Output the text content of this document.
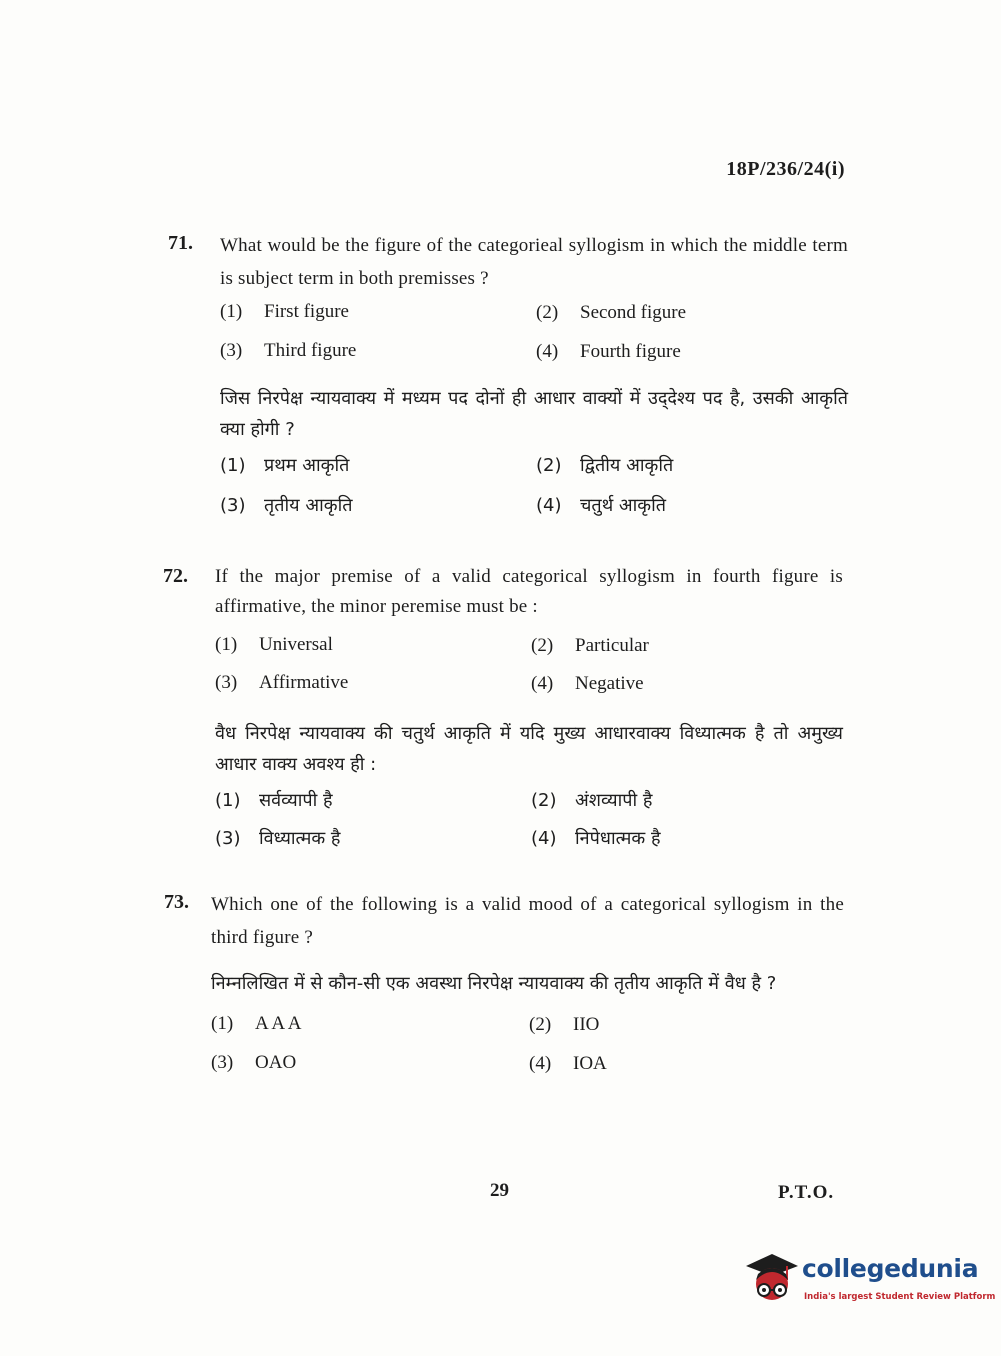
18P/236/24(i)
71. What would be the figure of the categorieal syllogism in which the middle term is subject term in both premisses ?
(1) First figure	(2) Second figure
(3) Third figure	(4) Fourth figure
जिस निरपेक्ष न्यायवाक्य में मध्यम पद दोनों ही आधार वाक्यों में उद्‌देश्य पद है, उसकी आकृति क्या होगी ?
(1) प्रथम आकृति	(2) द्वितीय आकृति
(3) तृतीय आकृति	(4) चतुर्थ आकृति
72. If the major premise of a valid categorical syllogism in fourth figure is affirmative, the minor peremise must be :
(1) Universal	(2) Particular
(3) Affirmative	(4) Negative
वैध निरपेक्ष न्यायवाक्य की चतुर्थ आकृति में यदि मुख्य आधारवाक्य विध्यात्मक है तो अमुख्य आधार वाक्य अवश्य ही :
(1) सर्वव्यापी है	(2) अंशव्यापी है
(3) विध्यात्मक है	(4) निपेधात्मक है
73. Which one of the following is a valid mood of a categorical syllogism in the third figure ?
निम्नलिखित में से कौन-सी एक अवस्था निरपेक्ष न्यायवाक्य की तृतीय आकृति में वैध है ?
(1) A A A	(2) IIO
(3) OAO	(4) IOA
29	P.T.O.
collegedunia
India's largest Student Review Platform
